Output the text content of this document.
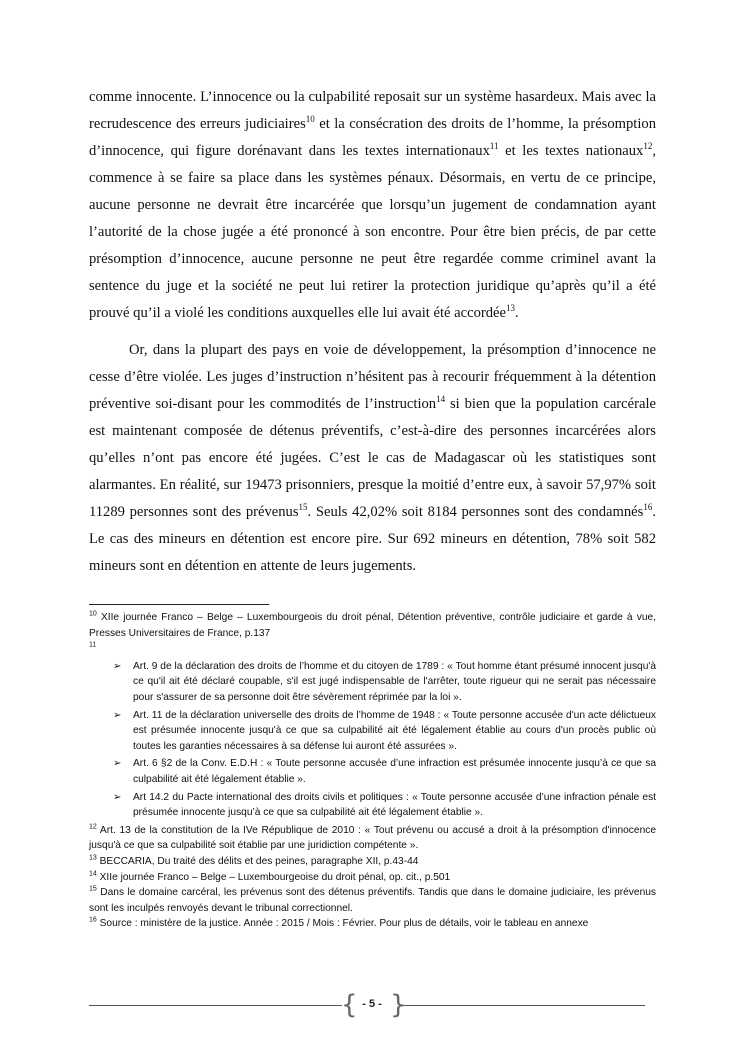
comme innocente. L’innocence ou la culpabilité reposait sur un système hasardeux. Mais avec la recrudescence des erreurs judiciaires$^{10}$ et la consécration des droits de l’homme, la présomption d’innocence, qui figure dorénavant dans les textes internationaux$^{11}$ et les textes nationaux$^{12}$, commence à se faire sa place dans les systèmes pénaux. Désormais, en vertu de ce principe, aucune personne ne devrait être incarcérée que lorsqu’un jugement de condamnation ayant l’autorité de la chose jugée a été prononcé à son encontre. Pour être bien précis, de par cette présomption d’innocence, aucune personne ne peut être regardée comme criminel avant la sentence du juge et la société ne peut lui retirer la protection juridique qu’après qu’il a été prouvé qu’il a violé les conditions auxquelles elle lui avait été accordée$^{13}$.

Or, dans la plupart des pays en voie de développement, la présomption d’innocence ne cesse d’être violée. Les juges d’instruction n’hésitent pas à recourir fréquemment à la détention préventive soi-disant pour les commodités de l’instruction$^{14}$ si bien que la population carcérale est maintenant composée de détenus préventifs, c’est-à-dire des personnes incarcérées alors qu’elles n’ont pas encore été jugées. C’est le cas de Madagascar où les statistiques sont alarmantes. En réalité, sur 19473 prisonniers, presque la moitié d’entre eux, à savoir 57,97% soit 11289 personnes sont des prévenus$^{15}$. Seuls 42,02% soit 8184 personnes sont des condamnés$^{16}$. Le cas des mineurs en détention est encore pire. Sur 692 mineurs en détention, 78% soit 582 mineurs sont en détention en attente de leurs jugements.

$^{10}$ XIIe journée Franco – Belge – Luxembourgeois du droit pénal, Détention préventive, contrôle judiciaire et garde à vue, Presses Universitaires de France, p.137

$^{11}$

➢ Art. 9 de la déclaration des droits de l’homme et du citoyen de 1789 : « Tout homme étant présumé innocent jusqu'à ce qu'il ait été déclaré coupable, s'il est jugé indispensable de l'arrêter, toute rigueur qui ne serait pas nécessaire pour s'assurer de sa personne doit être sévèrement réprimée par la loi ».
➢ Art. 11 de la déclaration universelle des droits de l’homme de 1948 : « Toute personne accusée d'un acte délictueux est présumée innocente jusqu'à ce que sa culpabilité ait été légalement établie au cours d'un procès public où toutes les garanties nécessaires à sa défense lui auront été assurées ».
➢ Art. 6 §2 de la Conv. E.D.H : « Toute personne accusée d’une infraction est présumée innocente jusqu’à ce que sa culpabilité ait été légalement établie ».
➢ Art 14.2 du Pacte international des droits civils et politiques : « Toute personne accusée d’une infraction pénale est présumée innocente jusqu’à ce que sa culpabilité ait été légalement établie ».

$^{12}$ Art. 13 de la constitution de la IVe République de 2010 : « Tout prévenu ou accusé a droit à la présomption d'innocence jusqu'à ce que sa culpabilité soit établie par une juridiction compétente ».

$^{13}$ BECCARIA, Du traité des délits et des peines, paragraphe XII, p.43-44

$^{14}$ XIIe journée Franco – Belge – Luxembourgeoise du droit pénal, op. cit., p.501

$^{15}$ Dans le domaine carcéral, les prévenus sont des détenus préventifs. Tandis que dans le domaine judiciaire, les prévenus sont les inculpés renvoyés devant le tribunal correctionnel.

$^{16}$ Source : ministère de la justice. Année : 2015 / Mois : Février. Pour plus de détails, voir le tableau en annexe

{ }
- 5 -
